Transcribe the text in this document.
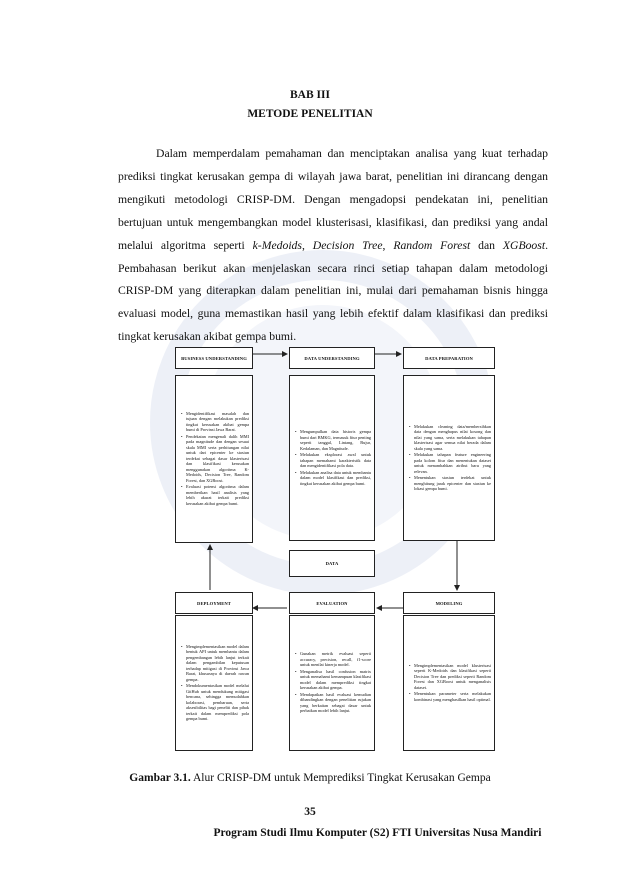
BAB III
METODE PENELITIAN
Dalam memperdalam pemahaman dan menciptakan analisa yang kuat terhadap prediksi tingkat kerusakan gempa di wilayah jawa barat, penelitian ini dirancang dengan mengikuti metodologi CRISP-DM. Dengan mengadopsi pendekatan ini, penelitian bertujuan untuk mengembangkan model klusterisasi, klasifikasi, dan prediksi yang andal melalui algoritma seperti k-Medoids, Decision Tree, Random Forest dan XGBoost. Pembahasan berikut akan menjelaskan secara rinci setiap tahapan dalam metodologi CRISP-DM yang diterapkan dalam penelitian ini, mulai dari pemahaman bisnis hingga evaluasi model, guna memastikan hasil yang lebih efektif dalam klasifikasi dan prediksi tingkat kerusakan akibat gempa bumi.
BUSINESS UNDERSTANDING
• Mengidentifikasi masalah dan tujuan dengan melakukan prediksi tingkat kerusakan akibat gempa bumi di Provinsi Jawa Barat.
• Pendekatan mengenali dalih MMI pada magnitude dan dengan sesuai skala MMI serta perhitungan nilai untuk dari epicenter ke stasiun terdekat sebagai dasar klasterisasi dan klasifikasi kerusakan menggunakan algoritma K-Medoids, Decision Tree, Random Forest, dan XGBoost.
• Evaluasi potensi algoritma dalam memberikan hasil analisis yang lebih akurat terkait prediksi kerusakan akibat gempa bumi.
DATA UNDERSTANDING
• Mengumpulkan data historis gempa bumi dari BMKG, termasuk fitur penting seperti tanggal, Lintang, Bujur, Kedalaman, dan Magnitude.
• Melakukan eksplorasi awal untuk tahapan memahami karakteristik data dan mengidentifikasi pola data.
• Melakukan analisa data untuk membantu dalam model klasifikasi dan prediksi, tingkat kerusakan akibat gempa bumi.
DATA PREPARATION
• Melakukan cleaning data/membersihkan data dengan menghapus nilai kosong dan nilai yang sama, serta melakukan tahapan klasterisasi agar semua nilai berada dalam skala yang sama.
• Melakukan tahapan feature engineering pada kolom fitur dan menentukan dataset untuk menambahkan atribut baru yang relevan.
• Menentukan stasiun terdekat untuk menghitung jarak epicenter dan stasiun ke lokasi gempa bumi.
DATA
DEPLOYMENT
• Mengimplementasikan model dalam bentuk API untuk membantu dalam pengembangan lebih lanjut terkait dalam pengambilan keputusan terhadap mitigasi di Provinsi Jawa Barat, khususnya di daerah rawan gempa.
• Mendokumentasikan model melalui GitHub untuk mendukung mitigasi bencana, sehingga memudahkan kolaborasi, pembaruan, serta aksesibilitas bagi peneliti dan pihak terkait dalam memprediksi pola gempa bumi.
EVALUATION
• Gunakan metrik evaluasi seperti accuracy, precision, recall, f1-score untuk menilai kinerja model.
• Menganalisa hasil confusion matrix untuk memahami kemampuan klasifikasi model dalam memprediksi tingkat kerusakan akibat gempa.
• Mendapatkan hasil evaluasi kemudian dibandingkan dengan penelitian rujukan yang berkaitan sebagai dasar untuk perbaikan model lebih lanjut.
MODELING
• Mengimplementasikan model klusterisasi seperti K-Medoids dan klasifikasi seperti Decision Tree dan prediksi seperti Random Forest dan XGBoost untuk menganalisis dataset.
• Menentukan parameter serta melakukan kombinasi yang menghasilkan hasil optimal.
Gambar 3.1. Alur CRISP-DM untuk Memprediksi Tingkat Kerusakan Gempa
35
Program Studi Ilmu Komputer (S2) FTI Universitas Nusa Mandiri
